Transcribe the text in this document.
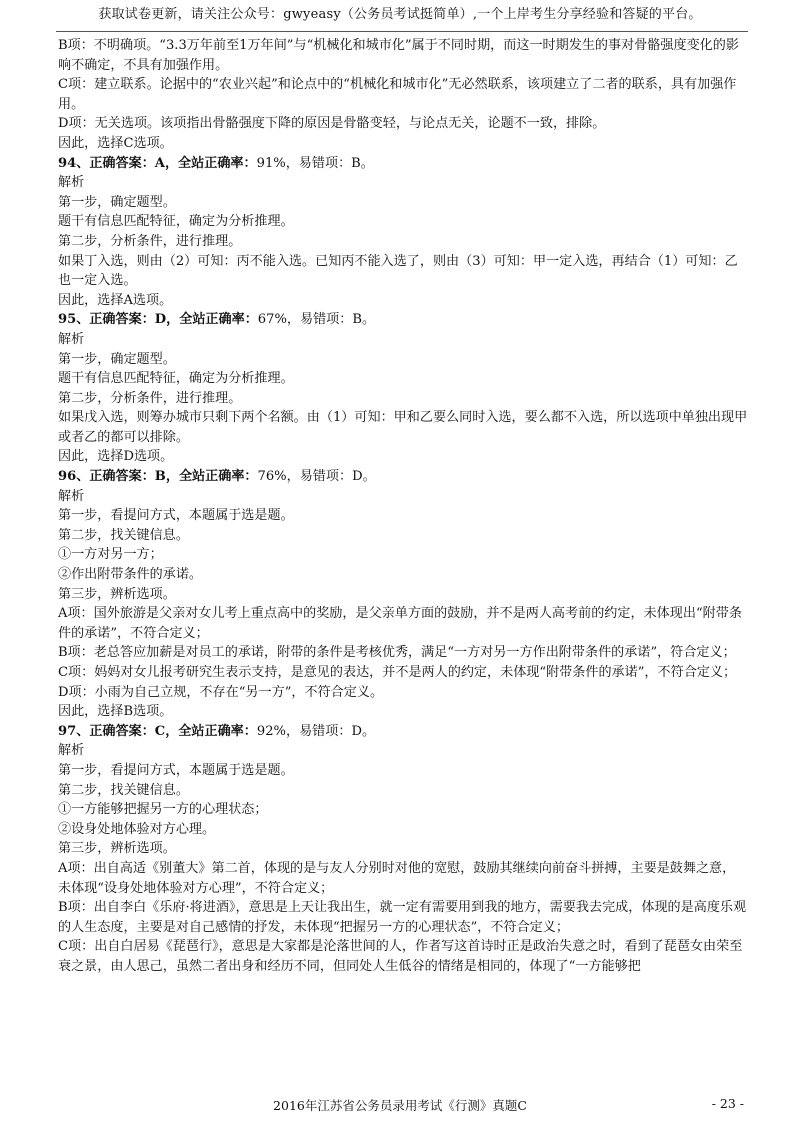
获取试卷更新，请关注公众号：gwyeasy（公务员考试挺简单）,一个上岸考生分享经验和答疑的平台。

B项：不明确项。“3.3万年前至1万年间”与“机械化和城市化”属于不同时期，而这一时期发生的事对骨骼强度变化的影响不确定，不具有加强作用。

C项：建立联系。论据中的“农业兴起”和论点中的“机械化和城市化”无必然联系，该项建立了二者的联系，具有加强作用。

D项：无关选项。该项指出骨骼强度下降的原因是骨骼变轻，与论点无关，论题不一致，排除。

因此，选择C选项。

94、正确答案：A，全站正确率：91%，易错项：B。

解析

第一步，确定题型。

题干有信息匹配特征，确定为分析推理。

第二步，分析条件，进行推理。

如果丁入选，则由（2）可知：丙不能入选。已知丙不能入选了，则由（3）可知：甲一定入选，再结合（1）可知：乙也一定入选。

因此，选择A选项。

95、正确答案：D，全站正确率：67%，易错项：B。

解析

第一步，确定题型。

题干有信息匹配特征，确定为分析推理。

第二步，分析条件，进行推理。

如果戊入选，则筹办城市只剩下两个名额。由（1）可知：甲和乙要么同时入选，要么都不入选，所以选项中单独出现甲或者乙的都可以排除。

因此，选择D选项。

96、正确答案：B，全站正确率：76%，易错项：D。

解析

第一步，看提问方式，本题属于选是题。

第二步，找关键信息。

①一方对另一方；

②作出附带条件的承诺。

第三步，辨析选项。

A项：国外旅游是父亲对女儿考上重点高中的奖励，是父亲单方面的鼓励，并不是两人高考前的约定，未体现出“附带条件的承诺”，不符合定义；

B项：老总答应加薪是对员工的承诺，附带的条件是考核优秀，满足“一方对另一方作出附带条件的承诺”，符合定义；

C项：妈妈对女儿报考研究生表示支持，是意见的表达，并不是两人的约定，未体现“附带条件的承诺”，不符合定义；

D项：小雨为自己立规，不存在“另一方”，不符合定义。

因此，选择B选项。

97、正确答案：C，全站正确率：92%，易错项：D。

解析

第一步，看提问方式，本题属于选是题。

第二步，找关键信息。

①一方能够把握另一方的心理状态；

②设身处地体验对方心理。

第三步，辨析选项。

A项：出自高适《别董大》第二首，体现的是与友人分别时对他的宽慰，鼓励其继续向前奋斗拼搏，主要是鼓舞之意，未体现“设身处地体验对方心理”，不符合定义；

B项：出自李白《乐府·将进酒》，意思是上天让我出生，就一定有需要用到我的地方，需要我去完成，体现的是高度乐观的人生态度，主要是对自己感情的抒发，未体现“把握另一方的心理状态”，不符合定义；

C项：出自白居易《琵琶行》，意思是大家都是沦落世间的人，作者写这首诗时正是政治失意之时，看到了琵琶女由荣至衰之景，由人思己，虽然二者出身和经历不同，但同处人生低谷的情绪是相同的，体现了“一方能够把

2016年江苏省公务员录用考试《行测》真题C	- 23 -
